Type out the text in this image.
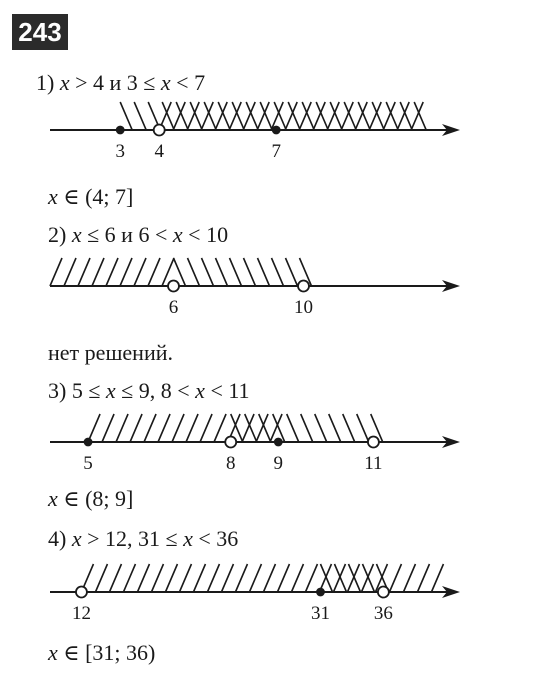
243
1) x > 4 и 3 ≤ x < 7
3 4	7
x ∈ (4; 7]
2) x ≤ 6 и 6 < x < 10
6	10
нет решений.
3) 5 ≤ x ≤ 9, 8 < x < 11
5	8 9	11
x ∈ (8; 9]
4) x > 12, 31 ≤ x < 36
12	31 36
x ∈ [31; 36)
